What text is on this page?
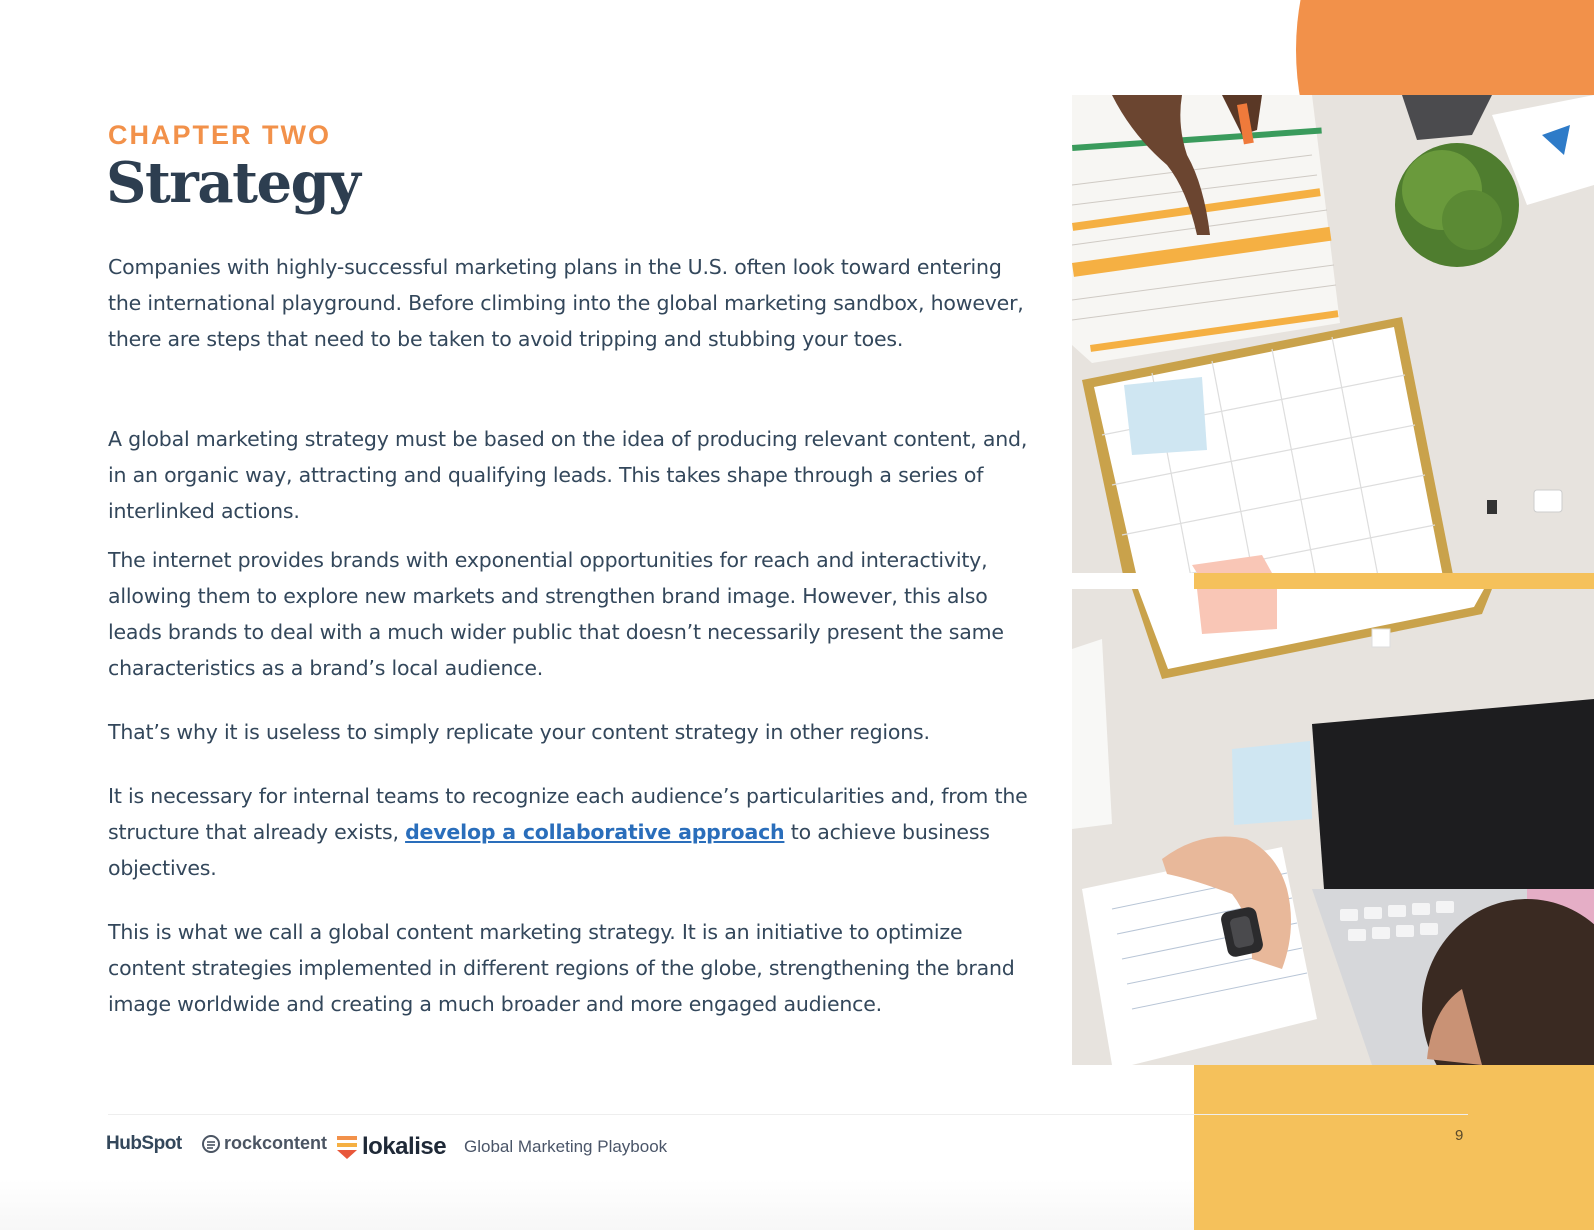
CHAPTER TWO
Strategy

Companies with highly-successful marketing plans in the U.S. often look toward entering the international playground. Before climbing into the global marketing sandbox, however, there are steps that need to be taken to avoid tripping and stubbing your toes.

A global marketing strategy must be based on the idea of producing relevant content, and, in an organic way, attracting and qualifying leads. This takes shape through a series of interlinked actions.

The internet provides brands with exponential opportunities for reach and interactivity, allowing them to explore new markets and strengthen brand image. However, this also leads brands to deal with a much wider public that doesn’t necessarily present the same characteristics as a brand’s local audience.

That’s why it is useless to simply replicate your content strategy in other regions.

It is necessary for internal teams to recognize each audience’s particularities and, from the structure that already exists, develop a collaborative approach to achieve business objectives.

This is what we call a global content marketing strategy. It is an initiative to optimize content strategies implemented in different regions of the globe, strengthening the brand image worldwide and creating a much broader and more engaged audience.

HubSpot rockcontent lokalise Global Marketing Playbook
9
